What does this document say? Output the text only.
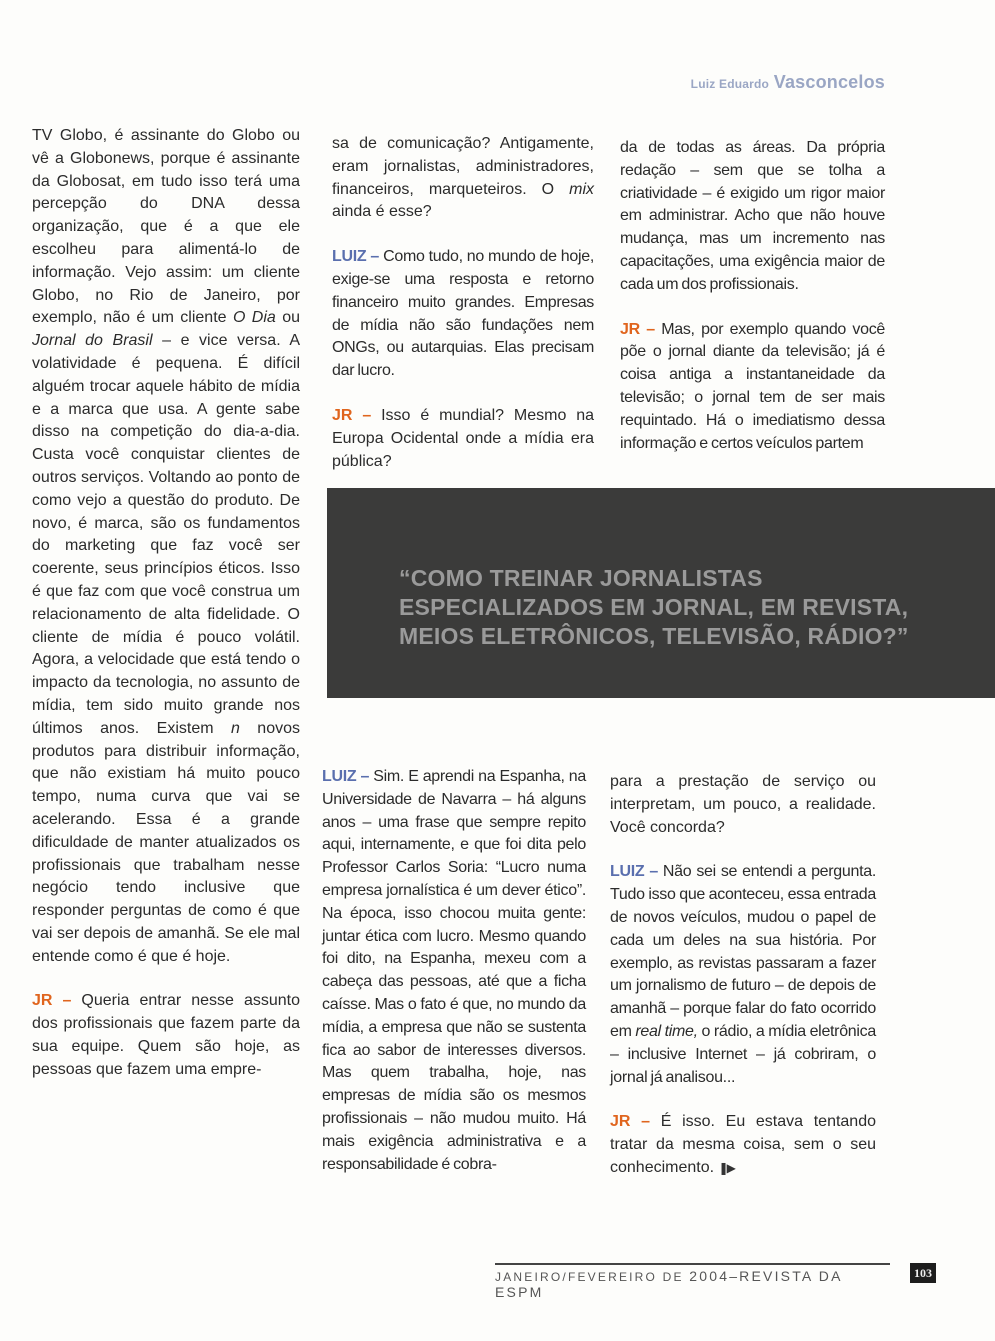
Luiz Eduardo Vasconcelos

TV Globo, é assinante do Globo ou vê a Globonews, porque é assinante da Globosat, em tudo isso terá uma percepção do DNA dessa organização, que é a que ele escolheu para alimentá-lo de informação. Vejo assim: um cliente Globo, no Rio de Janeiro, por exemplo, não é um cliente O Dia ou Jornal do Brasil – e vice versa. A volatividade é pequena. É difícil alguém trocar aquele hábito de mídia e a marca que usa. A gente sabe disso na competição do dia-a-dia. Custa você conquistar clientes de outros serviços. Voltando ao ponto de como vejo a questão do produto. De novo, é marca, são os fundamentos do marketing que faz você ser coerente, seus princípios éticos. Isso é que faz com que você construa um relacionamento de alta fidelidade. O cliente de mídia é pouco volátil. Agora, a velocidade que está tendo o impacto da tecnologia, no assunto de mídia, tem sido muito grande nos últimos anos. Existem n novos produtos para distribuir informação, que não existiam há muito pouco tempo, numa curva que vai se acelerando. Essa é a grande dificuldade de manter atualizados os profissionais que trabalham nesse negócio tendo inclusive que responder perguntas de como é que vai ser depois de amanhã. Se ele mal entende como é que é hoje.

JR – Queria entrar nesse assunto dos profissionais que fazem parte da sua equipe. Quem são hoje, as pessoas que fazem uma empre-

sa de comunicação? Antigamente, eram jornalistas, administradores, financeiros, marqueteiros. O mix ainda é esse?

LUIZ – Como tudo, no mundo de hoje, exige-se uma resposta e retorno financeiro muito grandes. Empresas de mídia não são fundações nem ONGs, ou autarquias. Elas precisam dar lucro.

JR – Isso é mundial? Mesmo na Europa Ocidental onde a mídia era pública?

da de todas as áreas. Da própria redação – sem que se tolha a criatividade – é exigido um rigor maior em administrar. Acho que não houve mudança, mas um incremento nas capacitações, uma exigência maior de cada um dos profissionais.

JR – Mas, por exemplo quando você põe o jornal diante da televisão; já é coisa antiga a instantaneidade da televisão; o jornal tem de ser mais requintado. Há o imediatismo dessa informação e certos veículos partem

“COMO TREINAR JORNALISTAS ESPECIALIZADOS EM JORNAL, EM REVISTA, MEIOS ELETRÔNICOS, TELEVISÃO, RÁDIO?”

LUIZ – Sim. E aprendi na Espanha, na Universidade de Navarra – há alguns anos – uma frase que sempre repito aqui, internamente, e que foi dita pelo Professor Carlos Soria: “Lucro numa empresa jornalística é um dever ético”. Na época, isso chocou muita gente: juntar ética com lucro. Mesmo quando foi dito, na Espanha, mexeu com a cabeça das pessoas, até que a ficha caísse. Mas o fato é que, no mundo da mídia, a empresa que não se sustenta fica ao sabor de interesses diversos. Mas quem trabalha, hoje, nas empresas de mídia são os mesmos profissionais – não mudou muito. Há mais exigência administrativa e a responsabilidade é cobra-

para a prestação de serviço ou interpretam, um pouco, a realidade. Você concorda?

LUIZ – Não sei se entendi a pergunta. Tudo isso que aconteceu, essa entrada de novos veículos, mudou o papel de cada um deles na sua história. Por exemplo, as revistas passaram a fazer um jornalismo de futuro – de depois de amanhã – porque falar do fato ocorrido em real time, o rádio, a mídia eletrônica – inclusive Internet – já cobriram, o jornal já analisou...

JR – É isso. Eu estava tentando tratar da mesma coisa, sem o seu conhecimento. ❚▶

JANEIRO/FEVEREIRO DE 2004–REVISTA DA ESPM
103
